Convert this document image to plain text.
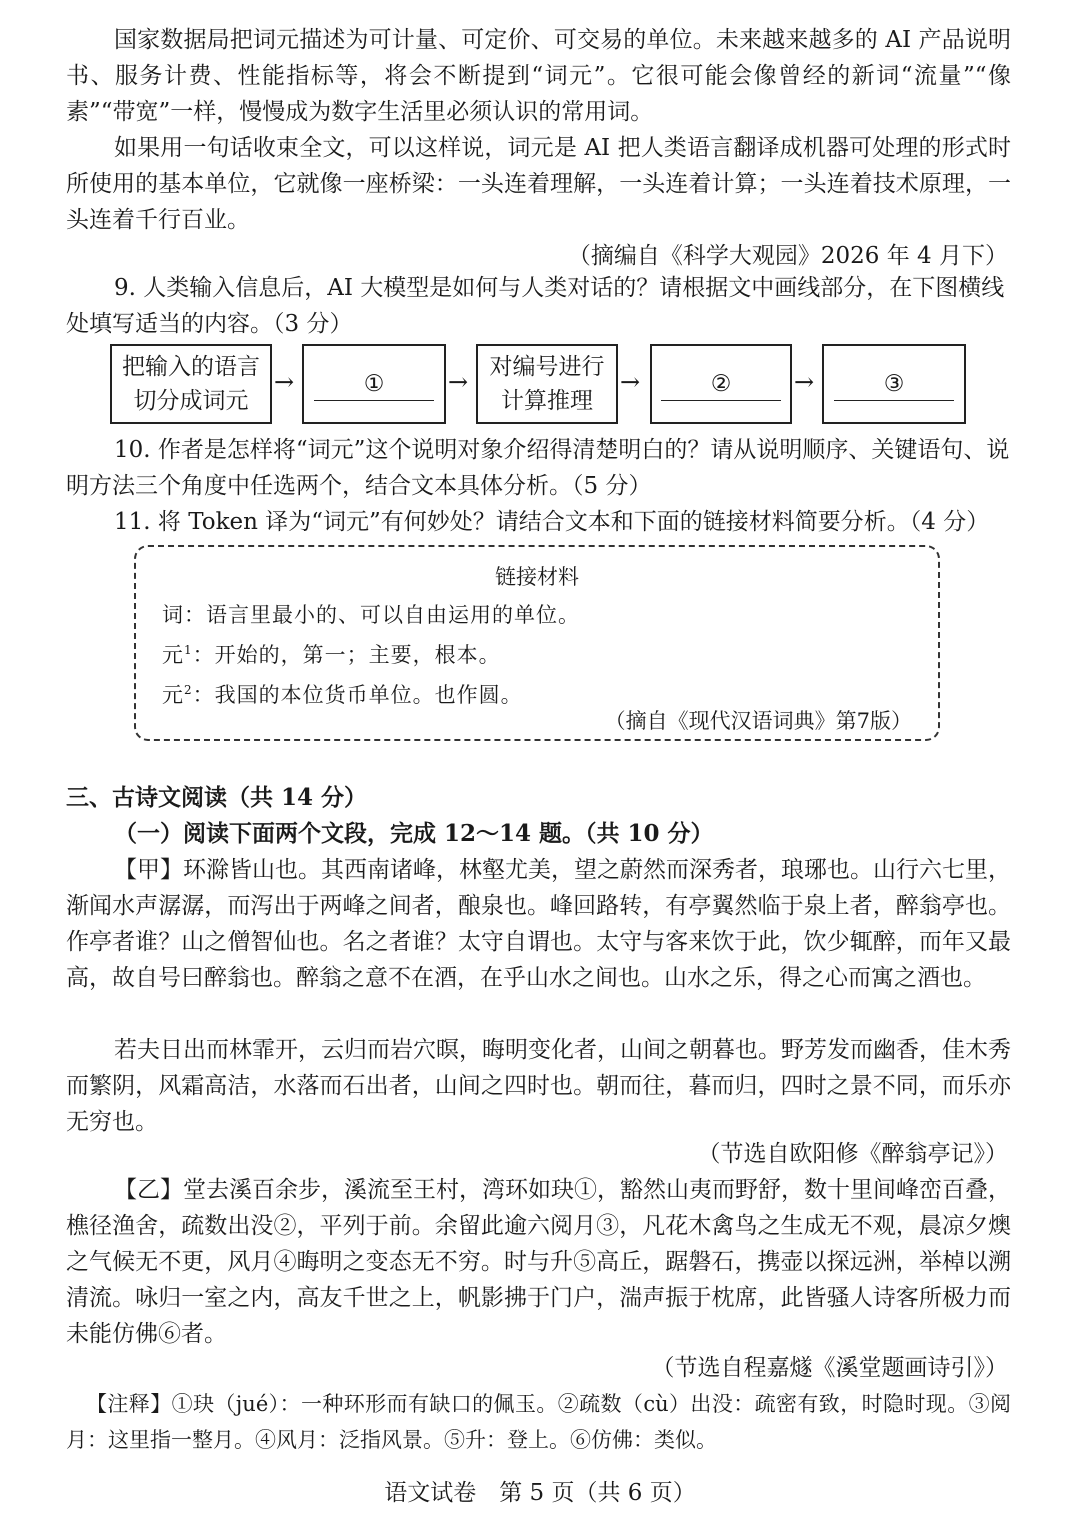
国家数据局把词元描述为可计量、可定价、可交易的单位。未来越来越多的 AI 产品说明书、服务计费、性能指标等，将会不断提到“词元”。它很可能会像曾经的新词“流量”“像素”“带宽”一样，慢慢成为数字生活里必须认识的常用词。

如果用一句话收束全文，可以这样说，词元是 AI 把人类语言翻译成机器可处理的形式时所使用的基本单位，它就像一座桥梁：一头连着理解，一头连着计算；一头连着技术原理，一头连着千行百业。

（摘编自《科学大观园》2026 年 4 月下）

9. 人类输入信息后，AI 大模型是如何与人类对话的？请根据文中画线部分，在下图横线处填写适当的内容。（3 分）

把输入的语言切分成词元
→	①	→
对编号进行计算推理
→	②	→	③

10. 作者是怎样将“词元”这个说明对象介绍得清楚明白的？请从说明顺序、关键语句、说明方法三个角度中任选两个，结合文本具体分析。（5 分）

11. 将 Token 译为“词元”有何妙处？请结合文本和下面的链接材料简要分析。（4 分）

链接材料
词：语言里最小的、可以自由运用的单位。
元$^1$：开始的，第一；主要，根本。
元$^2$：我国的本位货币单位。也作圆。
（摘自《现代汉语词典》第7版）

三、古诗文阅读（共 14 分）

（一）阅读下面两个文段，完成 12～14 题。（共 10 分）

【甲】环滁皆山也。其西南诸峰，林壑尤美，望之蔚然而深秀者，琅琊也。山行六七里，渐闻水声潺潺，而泻出于两峰之间者，酿泉也。峰回路转，有亭翼然临于泉上者，醉翁亭也。作亭者谁？山之僧智仙也。名之者谁？太守自谓也。太守与客来饮于此，饮少辄醉，而年又最高，故自号曰醉翁也。醉翁之意不在酒，在乎山水之间也。山水之乐，得之心而寓之酒也。

若夫日出而林霏开，云归而岩穴暝，晦明变化者，山间之朝暮也。野芳发而幽香，佳木秀而繁阴，风霜高洁，水落而石出者，山间之四时也。朝而往，暮而归，四时之景不同，而乐亦无穷也。

（节选自欧阳修《醉翁亭记》）

【乙】堂去溪百余步，溪流至王村，湾环如玦①，豁然山夷而野舒，数十里间峰峦百叠，樵径渔舍，疏数出没②，平列于前。余留此逾六阅月③，凡花木禽鸟之生成无不观，晨凉夕燠之气候无不更，风月④晦明之变态无不穷。时与升⑤高丘，踞磐石，携壶以探远洲，举棹以溯清流。咏归一室之内，高友千世之上，帆影拂于门户，湍声振于枕席，此皆骚人诗客所极力而未能仿佛⑥者。

（节选自程嘉燧《溪堂题画诗引》）

【注释】①玦（jué）：一种环形而有缺口的佩玉。②疏数（cù）出没：疏密有致，时隐时现。③阅月：这里指一整月。④风月：泛指风景。⑤升：登上。⑥仿佛：类似。

语文试卷　第 5 页（共 6 页）
